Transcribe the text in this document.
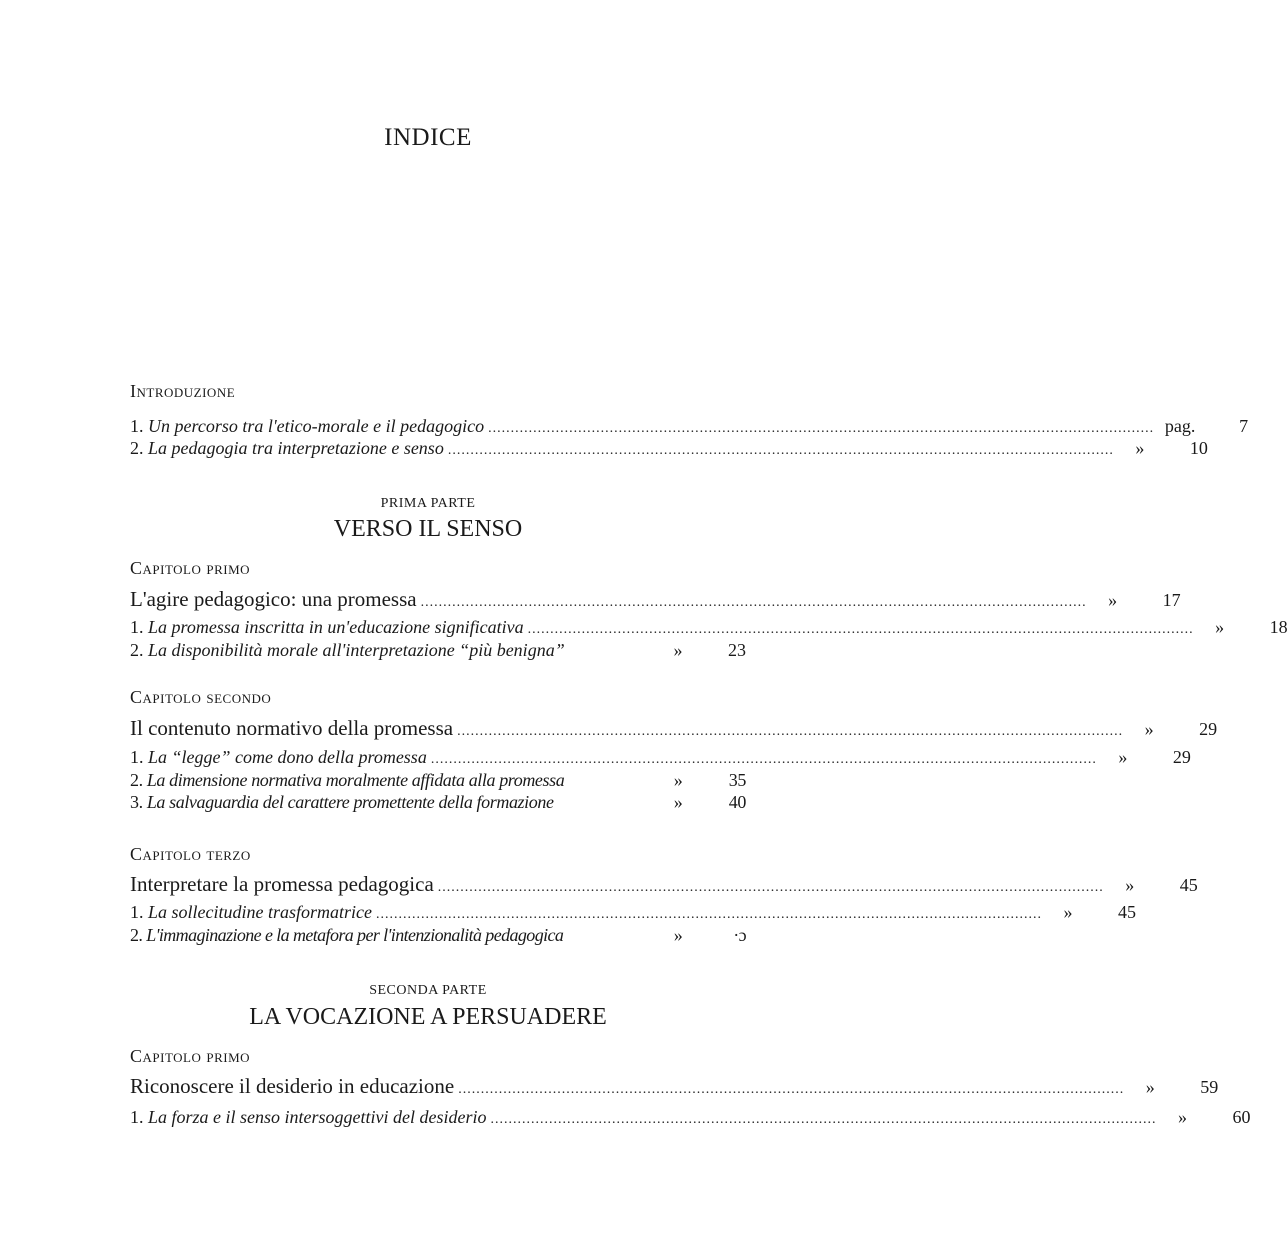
INDICE
Introduzione
1. Un percorso tra l'etico-morale e il pedagogico .....	pag.	7
2. La pedagogia tra interpretazione e senso .....	»	10
PRIMA PARTE
VERSO IL SENSO
Capitolo primo
L'agire pedagogico: una promessa .....	»	17
1. La promessa inscritta in un'educazione significativa .....	»	18
2. La disponibilità morale all'interpretazione “più benigna”	»	23
Capitolo secondo
Il contenuto normativo della promessa .....	»	29
1. La “legge” come dono della promessa .....	»	29
2. La dimensione normativa moralmente affidata alla promessa	»	35
3. La salvaguardia del carattere promettente della formazione	»	40
Capitolo terzo
Interpretare la promessa pedagogica .....	»	45
1. La sollecitudine trasformatrice .....	»	45
2. L'immaginazione e la metafora per l'intenzionalità pedagogica	»	·ɔ
SECONDA PARTE
LA VOCAZIONE A PERSUADERE
Capitolo primo
Riconoscere il desiderio in educazione .....	»	59
1. La forza e il senso intersoggettivi del desiderio .....	»	60
